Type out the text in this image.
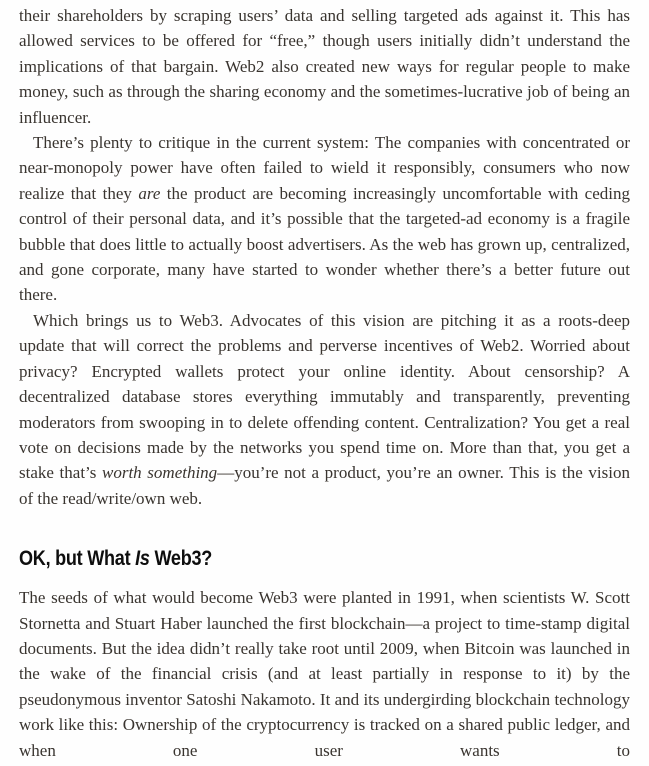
their shareholders by scraping users’ data and selling targeted ads against it. This has allowed services to be offered for “free,” though users initially didn’t understand the implications of that bargain. Web2 also created new ways for regular people to make money, such as through the sharing economy and the sometimes-lucrative job of being an influencer.

There’s plenty to critique in the current system: The companies with concentrated or near-monopoly power have often failed to wield it responsibly, consumers who now realize that they are the product are becoming increasingly uncomfortable with ceding control of their personal data, and it’s possible that the targeted-ad economy is a fragile bubble that does little to actually boost advertisers. As the web has grown up, centralized, and gone corporate, many have started to wonder whether there’s a better future out there.

Which brings us to Web3. Advocates of this vision are pitching it as a roots-deep update that will correct the problems and perverse incentives of Web2. Worried about privacy? Encrypted wallets protect your online identity. About censorship? A decentralized database stores everything immutably and transparently, preventing moderators from swooping in to delete offending content. Centralization? You get a real vote on decisions made by the networks you spend time on. More than that, you get a stake that’s worth something—you’re not a product, you’re an owner. This is the vision of the read/write/own web.

OK, but What Is Web3?

The seeds of what would become Web3 were planted in 1991, when scientists W. Scott Stornetta and Stuart Haber launched the first blockchain—a project to time-stamp digital documents. But the idea didn’t really take root until 2009, when Bitcoin was launched in the wake of the financial crisis (and at least partially in response to it) by the pseudonymous inventor Satoshi Nakamoto. It and its undergirding blockchain technology work like this: Ownership of the cryptocurrency is tracked on a shared public ledger, and when one user wants to
